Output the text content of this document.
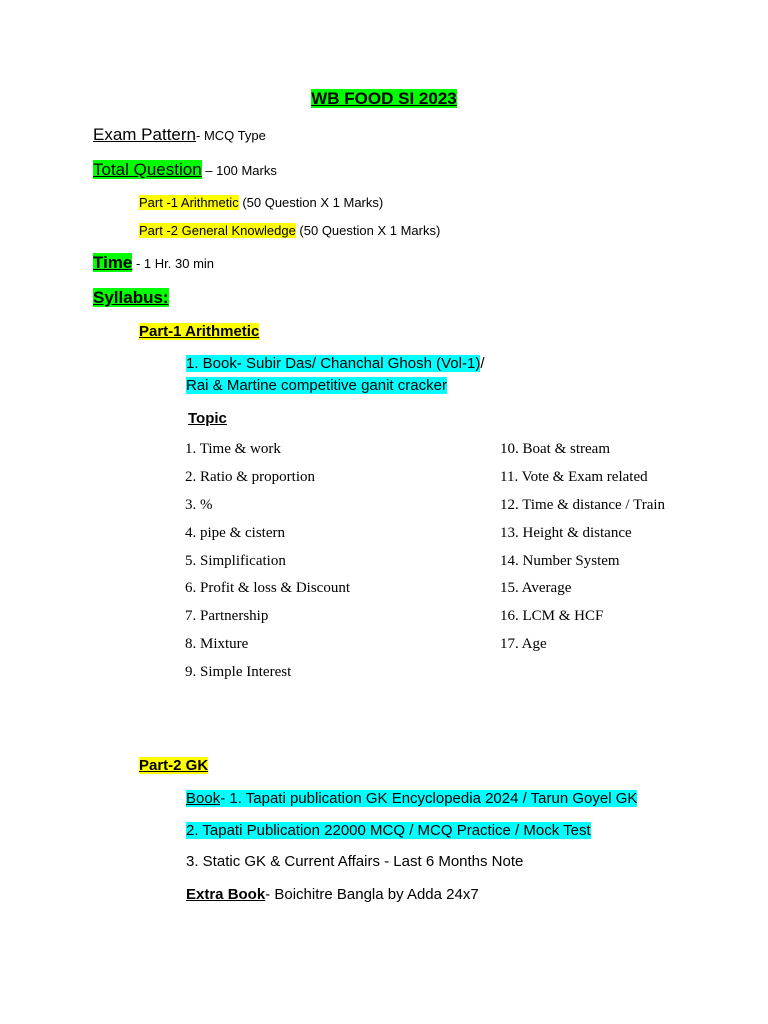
WB FOOD SI 2023
Exam Pattern- MCQ Type
Total Question – 100 Marks
Part -1 Arithmetic (50 Question X 1 Marks)
Part -2 General Knowledge (50 Question X 1 Marks)
Time - 1 Hr. 30 min
Syllabus:
Part-1 Arithmetic
1. Book- Subir Das/ Chanchal Ghosh (Vol-1)/
Rai & Martine competitive ganit cracker
Topic
1. Time & work
2. Ratio & proportion
3. %
4. pipe & cistern
5. Simplification
6. Profit & loss & Discount
7. Partnership
8. Mixture
9. Simple Interest
10. Boat & stream
11. Vote & Exam related
12. Time & distance / Train
13. Height & distance
14. Number System
15. Average
16. LCM & HCF
17. Age
Part-2 GK
Book- 1. Tapati publication GK Encyclopedia 2024 / Tarun Goyel GK
2. Tapati Publication 22000 MCQ / MCQ Practice / Mock Test
3. Static GK & Current Affairs - Last 6 Months Note
Extra Book- Boichitre Bangla by Adda 24x7
